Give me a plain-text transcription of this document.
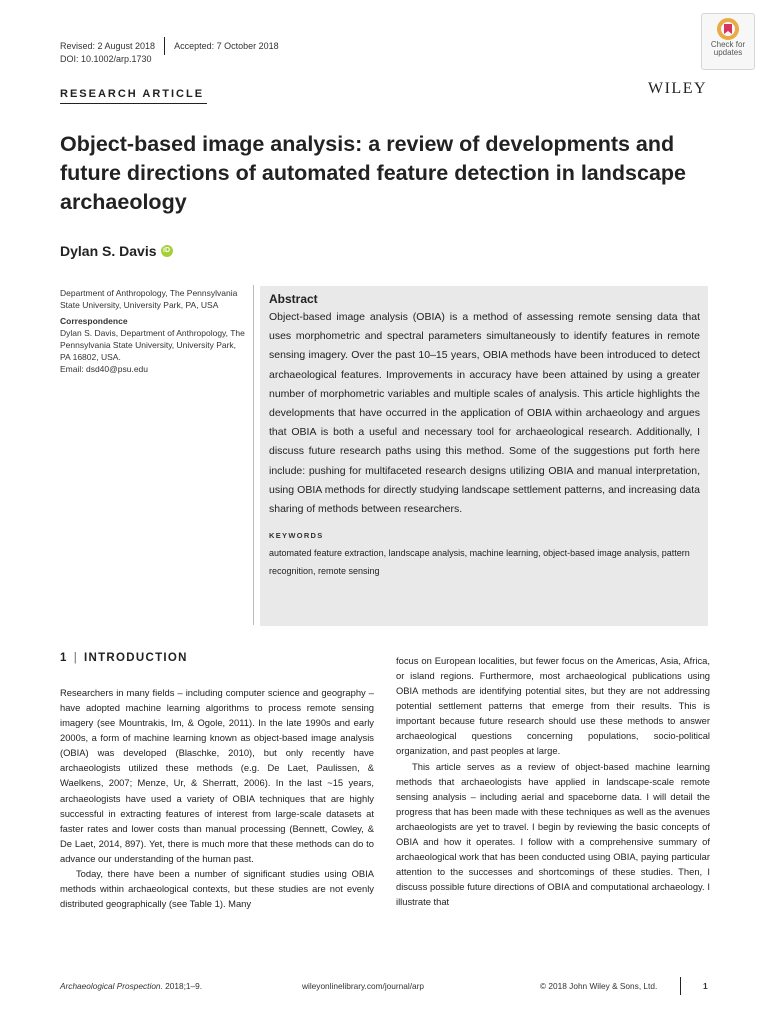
Revised: 2 August 2018 Accepted: 7 October 2018
DOI: 10.1002/arp.1730
RESEARCH ARTICLE	WILEY
Check for
updates
Object-based image analysis: a review of developments and future directions of automated feature detection in landscape archaeology
Dylan S. Davis iD
Department of Anthropology, The Pennsylvania State University, University Park, PA, USA
Correspondence
Dylan S. Davis, Department of Anthropology, The Pennsylvania State University, University Park, PA 16802, USA.
Email: dsd40@psu.edu
Abstract

Object-based image analysis (OBIA) is a method of assessing remote sensing data that uses morphometric and spectral parameters simultaneously to identify features in remote sensing imagery. Over the past 10–15 years, OBIA methods have been introduced to detect archaeological features. Improvements in accuracy have been attained by using a greater number of morphometric variables and multiple scales of analysis. This article highlights the developments that have occurred in the application of OBIA within archaeology and argues that OBIA is both a useful and necessary tool for archaeological research. Additionally, I discuss future research paths using this method. Some of the suggestions put forth here include: pushing for multifaceted research designs utilizing OBIA and manual interpretation, using OBIA methods for directly studying landscape settlement patterns, and increasing data sharing of methods between researchers.

KEYWORDS
automated feature extraction, landscape analysis, machine learning, object-based image analysis, pattern recognition, remote sensing
1 | INTRODUCTION

Researchers in many fields – including computer science and geography – have adopted machine learning algorithms to process remote sensing imagery (see Mountrakis, Im, & Ogole, 2011). In the late 1990s and early 2000s, a form of machine learning known as object-based image analysis (OBIA) was developed (Blaschke, 2010), but only recently have archaeologists utilized these methods (e.g. De Laet, Paulissen, & Waelkens, 2007; Menze, Ur, & Sherratt, 2006). In the last ~15 years, archaeologists have used a variety of OBIA techniques that are highly successful in extracting features of interest from large-scale datasets at faster rates and lower costs than manual processing (Bennett, Cowley, & De Laet, 2014, 897). Yet, there is much more that these methods can do to advance our understanding of the human past.

Today, there have been a number of significant studies using OBIA methods within archaeological contexts, but these studies are not evenly distributed geographically (see Table 1). Many

focus on European localities, but fewer focus on the Americas, Asia, Africa, or island regions. Furthermore, most archaeological publications using OBIA methods are identifying potential sites, but they are not addressing potential settlement patterns that emerge from their results. This is important because future research should use these methods to answer archaeological questions concerning populations, socio-political organization, and past peoples at large.

This article serves as a review of object-based machine learning methods that archaeologists have applied in landscape-scale remote sensing analysis – including aerial and spaceborne data. I will detail the progress that has been made with these techniques as well as the avenues archaeologists are yet to travel. I begin by reviewing the basic concepts of OBIA and how it operates. I follow with a comprehensive summary of archaeological work that has been conducted using OBIA, paying particular attention to the successes and shortcomings of these studies. Then, I discuss possible future directions of OBIA and computational archaeology. I illustrate that

Archaeological Prospection. 2018;1–9.	wileyonlinelibrary.com/journal/arp	© 2018 John Wiley & Sons, Ltd.	1
